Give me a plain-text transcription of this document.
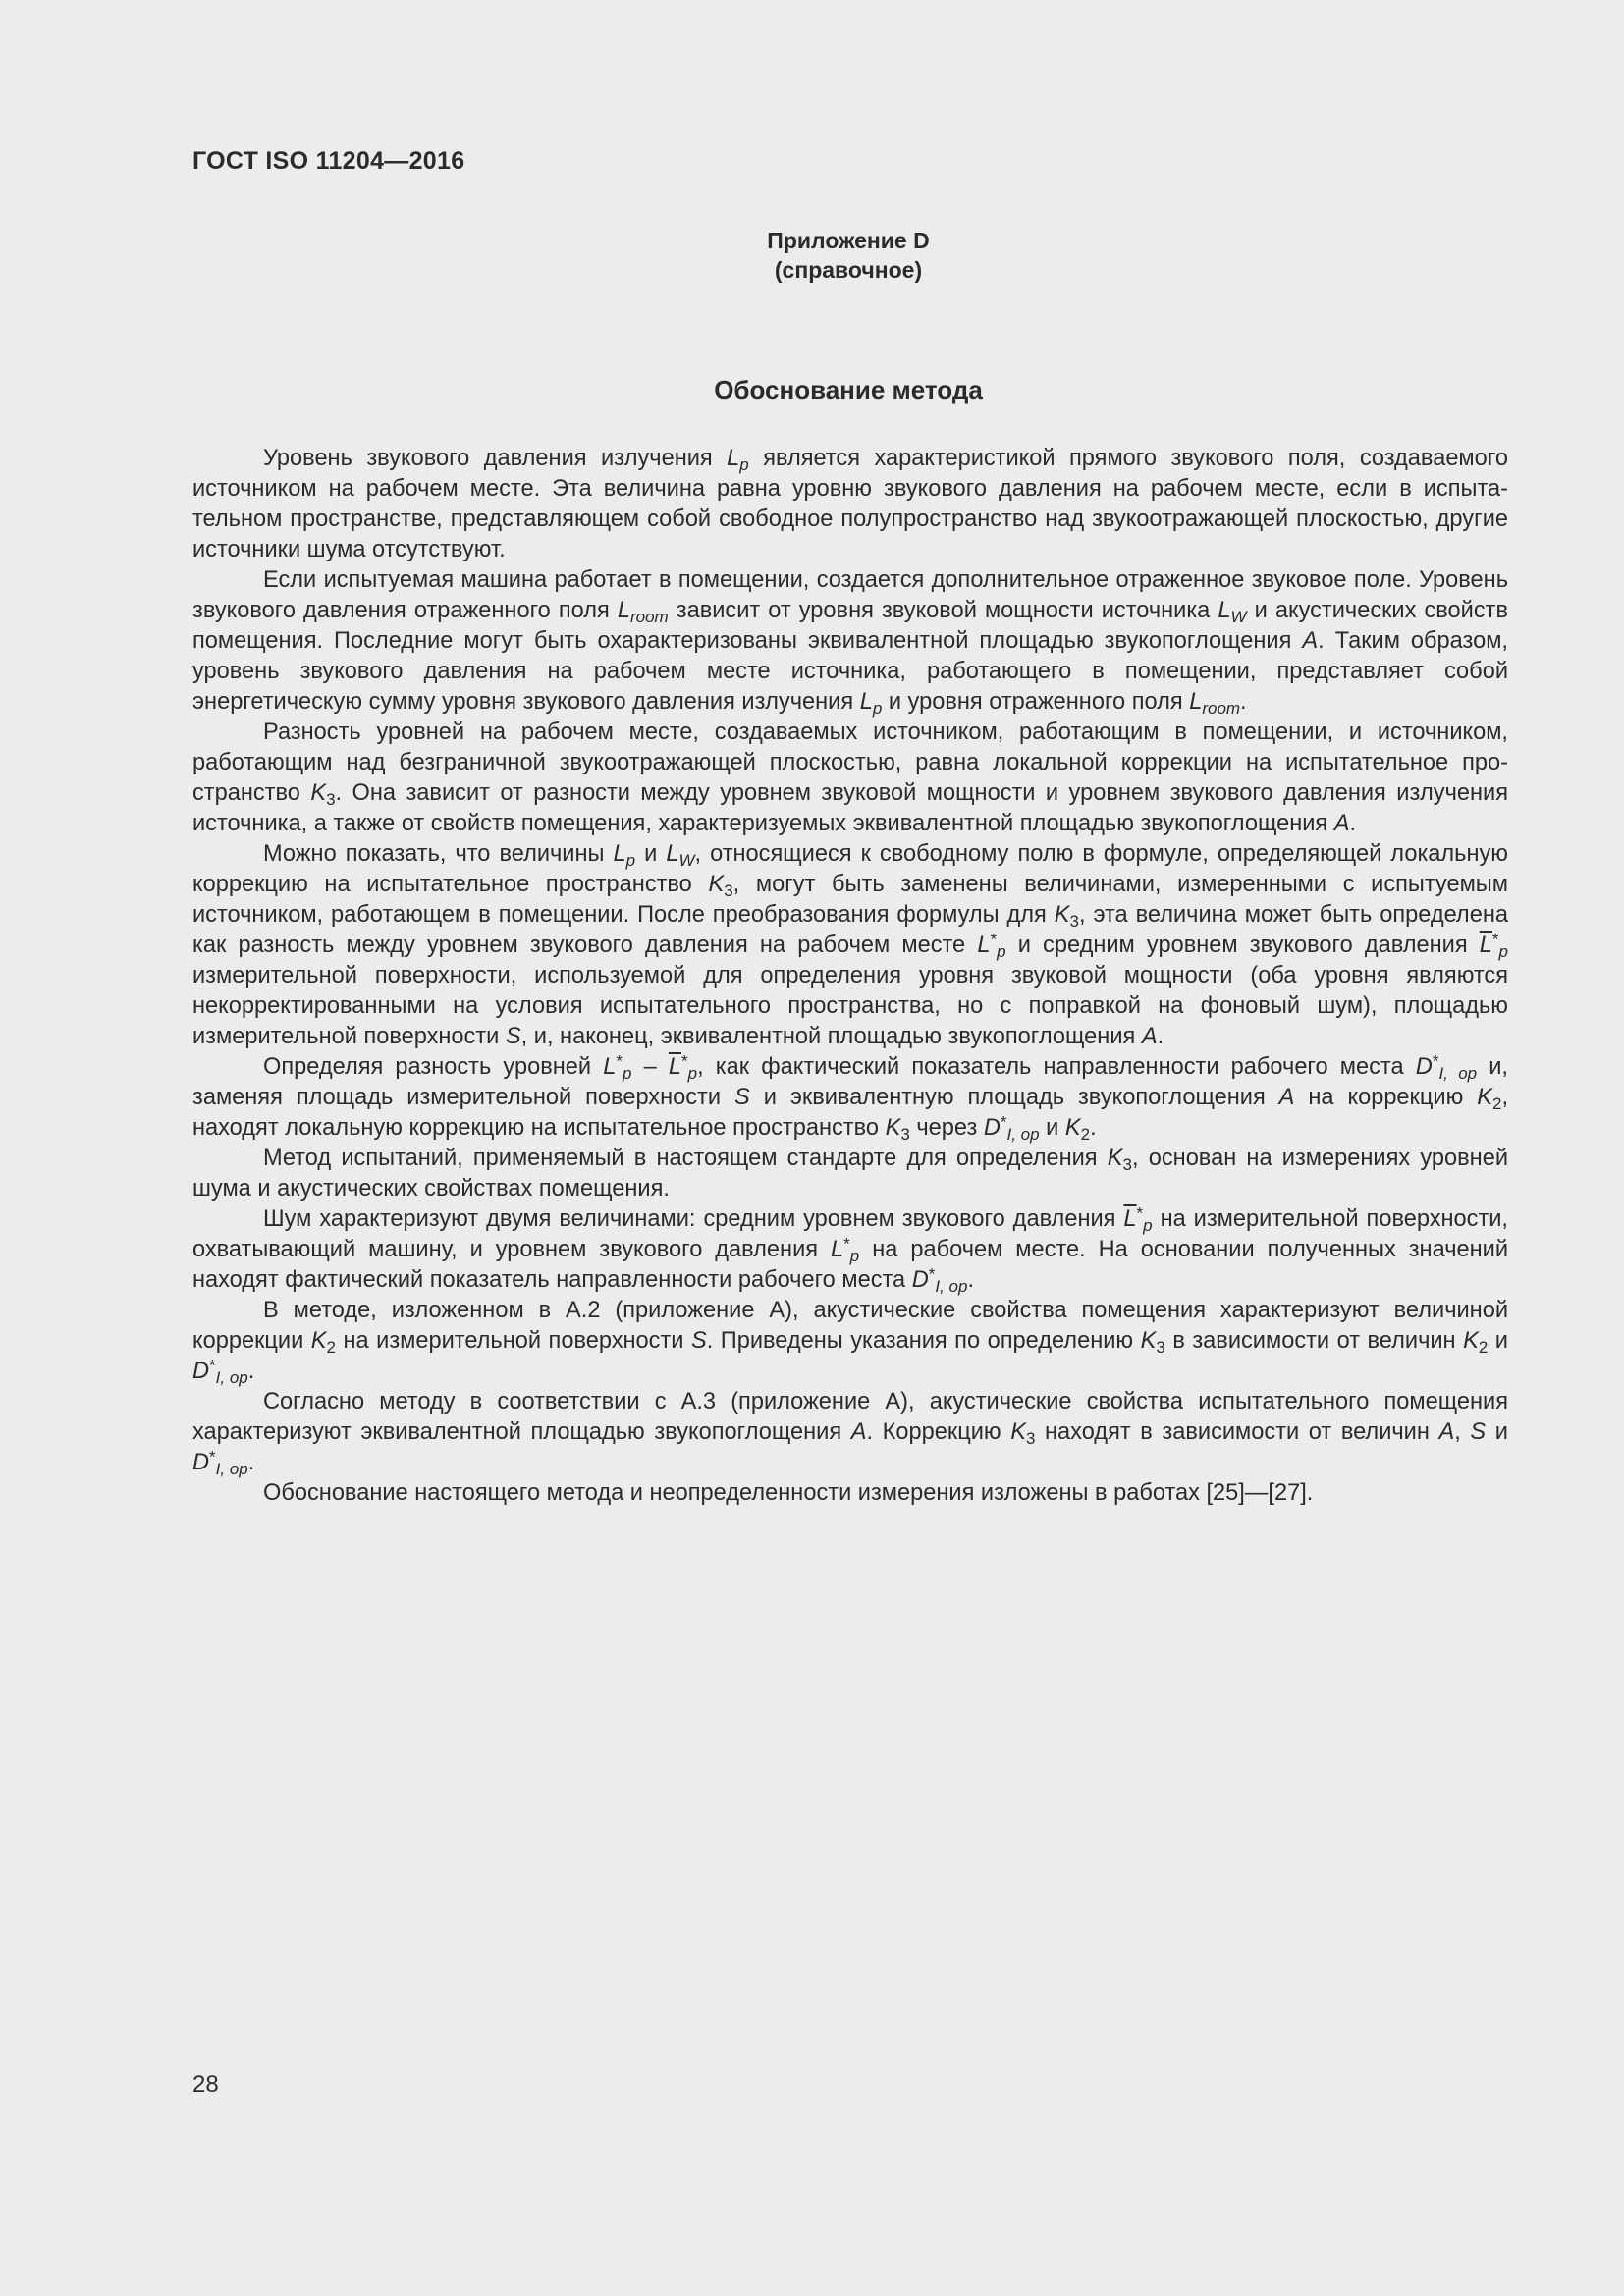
ГОСТ ISO 11204—2016
Приложение D
(справочное)
Обоснование метода

Уровень звукового давления излучения $L_p$ является характеристикой прямого звукового поля, создаваемого источником на рабочем месте. Эта величина равна уровню звукового давления на рабочем месте, если в испытательном пространстве, представляющем собой свободное полупространство над звукоотражающей плоскостью, другие источники шума отсутствуют.

Если испытуемая машина работает в помещении, создается дополнительное отраженное звуковое поле. Уровень звукового давления отраженного поля $L_{room}$ зависит от уровня звуковой мощности источника $L_W$ и акустических свойств помещения. Последние могут быть охарактеризованы эквивалентной площадью звукопоглощения A. Таким образом, уровень звукового давления на рабочем месте источника, работающего в помещении, представляет собой энергетическую сумму уровня звукового давления излучения $L_p$ и уровня отраженного поля $L_{room}$.

Разность уровней на рабочем месте, создаваемых источником, работающим в помещении, и источником, работающим над безграничной звукоотражающей плоскостью, равна локальной коррекции на испытательное пространство $K_3$. Она зависит от разности между уровнем звуковой мощности и уровнем звукового давления излучения источника, а также от свойств помещения, характеризуемых эквивалентной площадью звукопоглощения A.

Можно показать, что величины $L_p$ и $L_W$, относящиеся к свободному полю в формуле, определяющей локальную коррекцию на испытательное пространство $K_3$, могут быть заменены величинами, измеренными с испытуемым источником, работающем в помещении. После преобразования формулы для $K_3$, эта величина может быть определена как разность между уровнем звукового давления на рабочем месте $L^*_p$ и средним уровнем звукового давления $\overline{L}^*_p$ измерительной поверхности, используемой для определения уровня звуковой мощности (оба уровня являются некорректированными на условия испытательного пространства, но с поправкой на фоновый шум), площадью измерительной поверхности S, и, наконец, эквивалентной площадью звукопоглощения A.

Определяя разность уровней $L^*_p - \overline{L}^*_p$, как фактический показатель направленности рабочего места $D^*_{I, op}$ и, заменяя площадь измерительной поверхности S и эквивалентную площадь звукопоглощения A на коррекцию $K_2$, находят локальную коррекцию на испытательное пространство $K_3$ через $D^*_{I, op}$ и $K_2$.

Метод испытаний, применяемый в настоящем стандарте для определения $K_3$, основан на измерениях уровней шума и акустических свойствах помещения.

Шум характеризуют двумя величинами: средним уровнем звукового давления $\overline{L}^*_p$ на измерительной поверхности, охватывающий машину, и уровнем звукового давления $L^*_p$ на рабочем месте. На основании полученных значений находят фактический показатель направленности рабочего места $D^*_{I, op}$.

В методе, изложенном в А.2 (приложение А), акустические свойства помещения характеризуют величиной коррекции $K_2$ на измерительной поверхности S. Приведены указания по определению $K_3$ в зависимости от величин $K_2$ и $D^*_{I, op}$.

Согласно методу в соответствии с А.3 (приложение А), акустические свойства испытательного помещения характеризуют эквивалентной площадью звукопоглощения A. Коррекцию $K_3$ находят в зависимости от величин A, S и $D^*_{I, op}$.

Обоснование настоящего метода и неопределенности измерения изложены в работах [25]—[27].

28
